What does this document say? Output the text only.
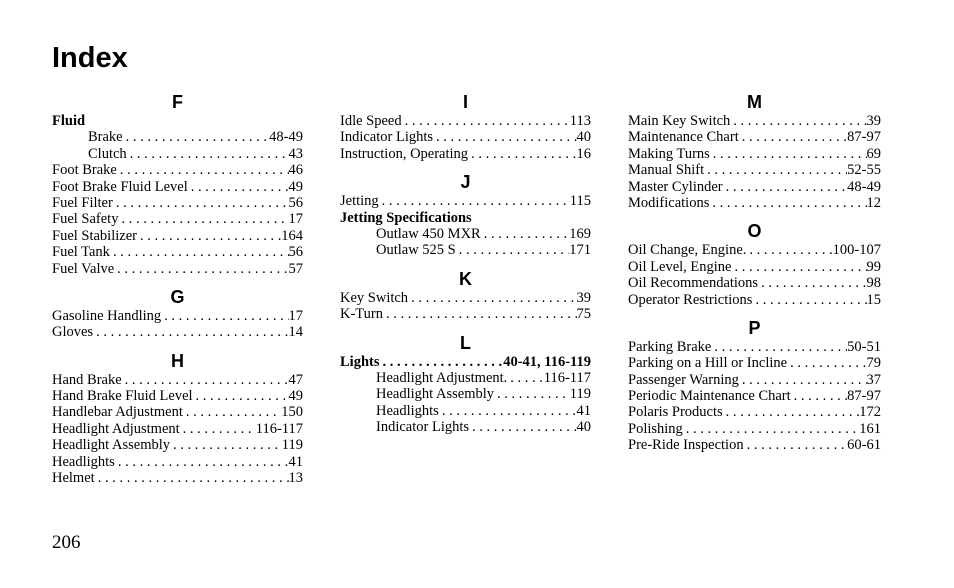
Index
F
Fluid
Brake . . .	48-49
Clutch . . .	43
Foot Brake . . .	46
Foot Brake Fluid Level . . .	49
Fuel Filter . . .	56
Fuel Safety . . .	17
Fuel Stabilizer . . .	164
Fuel Tank . . .	56
Fuel Valve . . .	57
G
Gasoline Handling . . .	17
Gloves . . .	14
H
Hand Brake . . .	47
Hand Brake Fluid Level . . .	49
Handlebar Adjustment . . .	150
Headlight Adjustment . . .	116-117
Headlight Assembly . . .	119
Headlights . . .	41
Helmet . . .	13
I
Idle Speed . . .	113
Indicator Lights . . .	40
Instruction, Operating . . .	16
J
Jetting . . .	115
Jetting Specifications
Outlaw 450 MXR . . .	169
Outlaw 525 S . . .	171
K
Key Switch . . .	39
K-Turn . . .	75
L
Lights . . .	40-41, 116-119
Headlight Adjustment. . . .	116-117
Headlight Assembly . . .	119
Headlights . . .	41
Indicator Lights . . .	40
M
Main Key Switch . . .	39
Maintenance Chart . . .	87-97
Making Turns . . .	69
Manual Shift . . .	52-55
Master Cylinder . . .	48-49
Modifications . . .	12
O
Oil Change, Engine. . . .	100-107
Oil Level, Engine . . .	99
Oil Recommendations . . .	98
Operator Restrictions . . .	15
P
Parking Brake . . .	50-51
Parking on a Hill or Incline . . .	79
Passenger Warning . . .	37
Periodic Maintenance Chart . . .	87-97
Polaris Products . . .	172
Polishing . . .	161
Pre-Ride Inspection . . .	60-61
206
